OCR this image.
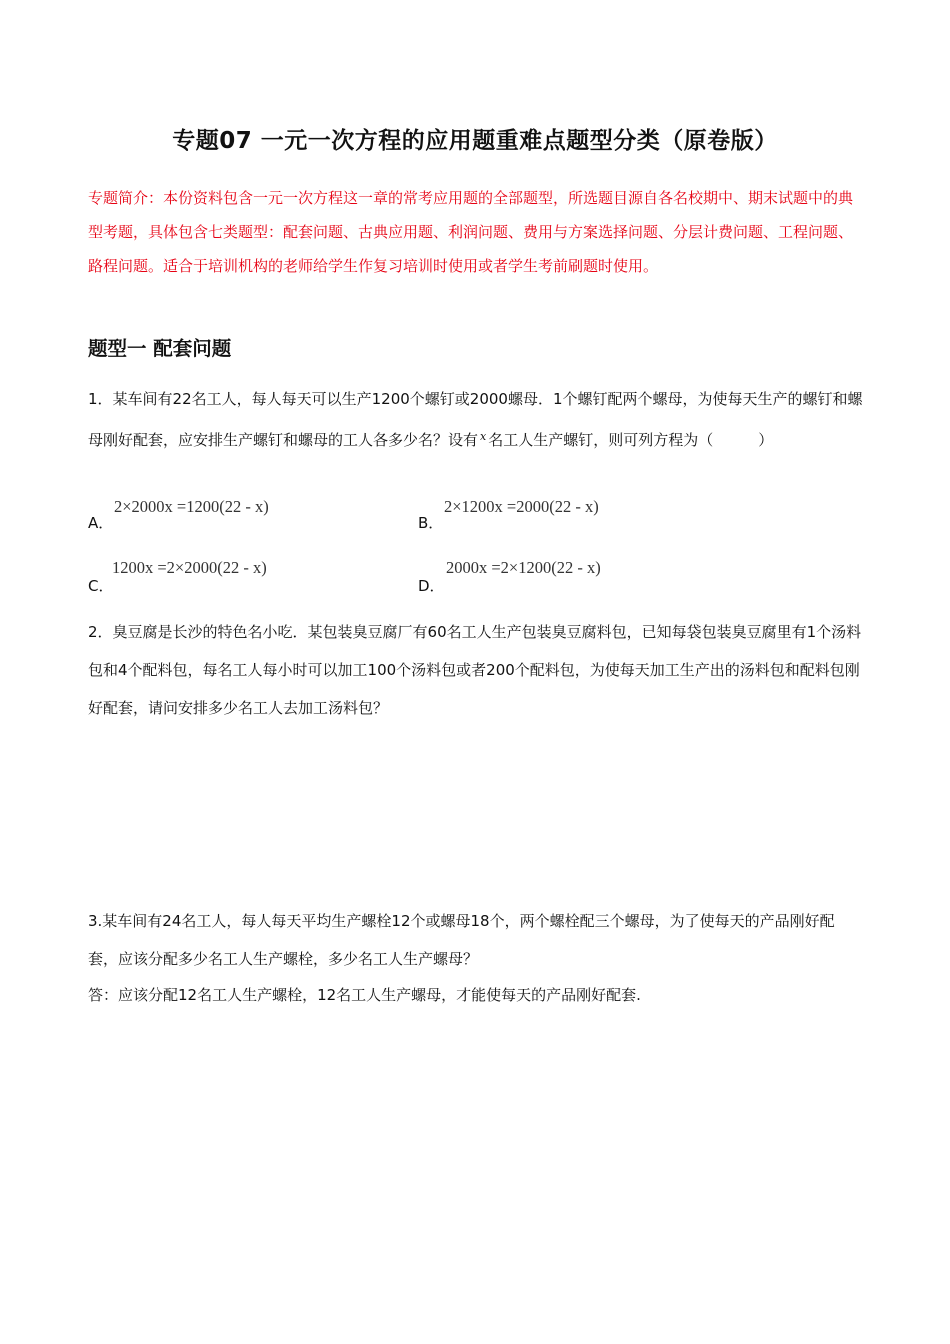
专题07 一元一次方程的应用题重难点题型分类（原卷版）
专题简介：本份资料包含一元一次方程这一章的常考应用题的全部题型，所选题目源自各名校期中、期末试题中的典型考题，具体包含七类题型：配套问题、古典应用题、利润问题、费用与方案选择问题、分层计费问题、工程问题、路程问题。适合于培训机构的老师给学生作复习培训时使用或者学生考前刷题时使用。
题型一 配套问题
1．某车间有22名工人，每人每天可以生产1200个螺钉或2000螺母．1个螺钉配两个螺母，为使每天生产的螺钉和螺母刚好配套，应安排生产螺钉和螺母的工人各多少名？设有 $^x$ 名工人生产螺钉，则可列方程为（　　　）
A．
2×2000x =1200(22 - x)
B．
2×1200x =2000(22 - x)
C．
1200x =2×2000(22 - x)
D．
2000x =2×1200(22 - x)
2．臭豆腐是长沙的特色名小吃．某包装臭豆腐厂有60名工人生产包装臭豆腐料包，已知每袋包装臭豆腐里有1个汤料包和4个配料包，每名工人每小时可以加工100个汤料包或者200个配料包，为使每天加工生产出的汤料包和配料包刚好配套，请问安排多少名工人去加工汤料包？
3.某车间有24名工人，每人每天平均生产螺栓12个或螺母18个，两个螺栓配三个螺母，为了使每天的产品刚好配套，应该分配多少名工人生产螺栓，多少名工人生产螺母？
答：应该分配12名工人生产螺栓，12名工人生产螺母，才能使每天的产品刚好配套.
